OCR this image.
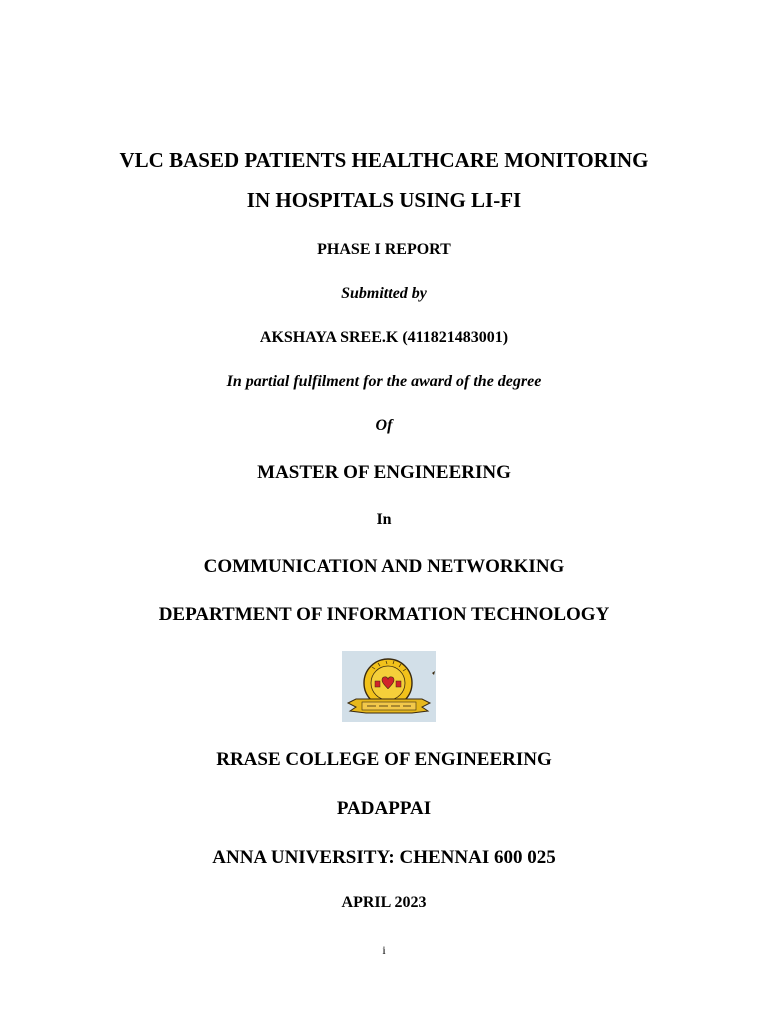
VLC BASED PATIENTS HEALTHCARE MONITORING
IN HOSPITALS USING LI-FI
PHASE I REPORT
Submitted by
AKSHAYA SREE.K (411821483001)
In partial fulfilment for the award of the degree
Of
MASTER OF ENGINEERING
In
COMMUNICATION AND NETWORKING
DEPARTMENT OF INFORMATION TECHNOLOGY
RRASE COLLEGE OF ENGINEERING
PADAPPAI
ANNA UNIVERSITY: CHENNAI 600 025
APRIL 2023
i
